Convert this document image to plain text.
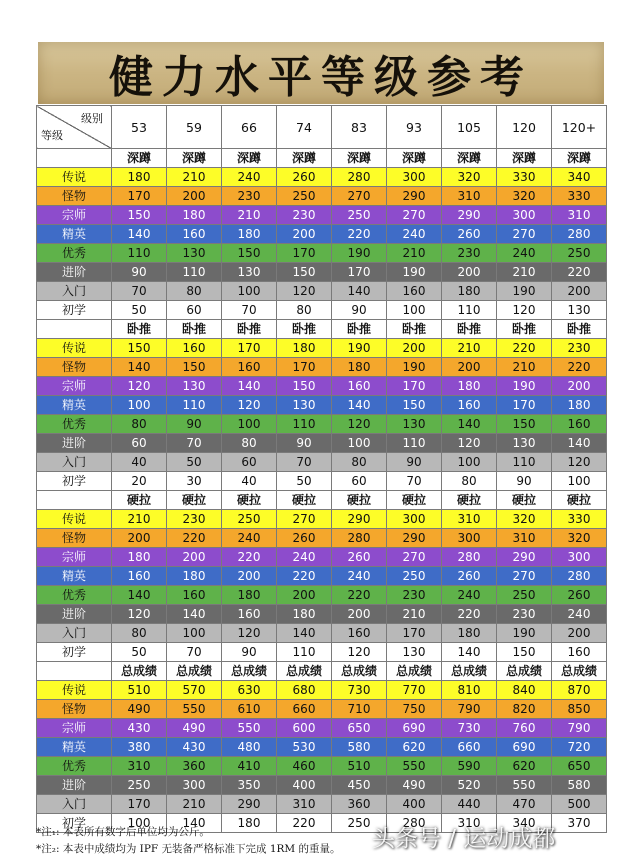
健力水平等级参考
级别
等级	53	59	66	74	83	93	105	120	120+
	深蹲	深蹲	深蹲	深蹲	深蹲	深蹲	深蹲	深蹲	深蹲
传说	180	210	240	260	280	300	320	330	340
怪物	170	200	230	250	270	290	310	320	330
宗师	150	180	210	230	250	270	290	300	310
精英	140	160	180	200	220	240	260	270	280
优秀	110	130	150	170	190	210	230	240	250
进阶	90	110	130	150	170	190	200	210	220
入门	70	80	100	120	140	160	180	190	200
初学	50	60	70	80	90	100	110	120	130
	卧推	卧推	卧推	卧推	卧推	卧推	卧推	卧推	卧推
传说	150	160	170	180	190	200	210	220	230
怪物	140	150	160	170	180	190	200	210	220
宗师	120	130	140	150	160	170	180	190	200
精英	100	110	120	130	140	150	160	170	180
优秀	80	90	100	110	120	130	140	150	160
进阶	60	70	80	90	100	110	120	130	140
入门	40	50	60	70	80	90	100	110	120
初学	20	30	40	50	60	70	80	90	100
	硬拉	硬拉	硬拉	硬拉	硬拉	硬拉	硬拉	硬拉	硬拉
传说	210	230	250	270	290	300	310	320	330
怪物	200	220	240	260	280	290	300	310	320
宗师	180	200	220	240	260	270	280	290	300
精英	160	180	200	220	240	250	260	270	280
优秀	140	160	180	200	220	230	240	250	260
进阶	120	140	160	180	200	210	220	230	240
入门	80	100	120	140	160	170	180	190	200
初学	50	70	90	110	120	130	140	150	160
	总成绩	总成绩	总成绩	总成绩	总成绩	总成绩	总成绩	总成绩	总成绩
传说	510	570	630	680	730	770	810	840	870
怪物	490	550	610	660	710	750	790	820	850
宗师	430	490	550	600	650	690	730	760	790
精英	380	430	480	530	580	620	660	690	720
优秀	310	360	410	460	510	550	590	620	650
进阶	250	300	350	400	450	490	520	550	580
入门	170	210	290	310	360	400	440	470	500
初学	100	140	180	220	250	280	310	340	370
*注₁: 本表所有数字后单位均为公斤。
*注₂: 本表中成绩均为 IPF 无装备严格标准下完成 1RM 的重量。	头条号 / 运动成都
